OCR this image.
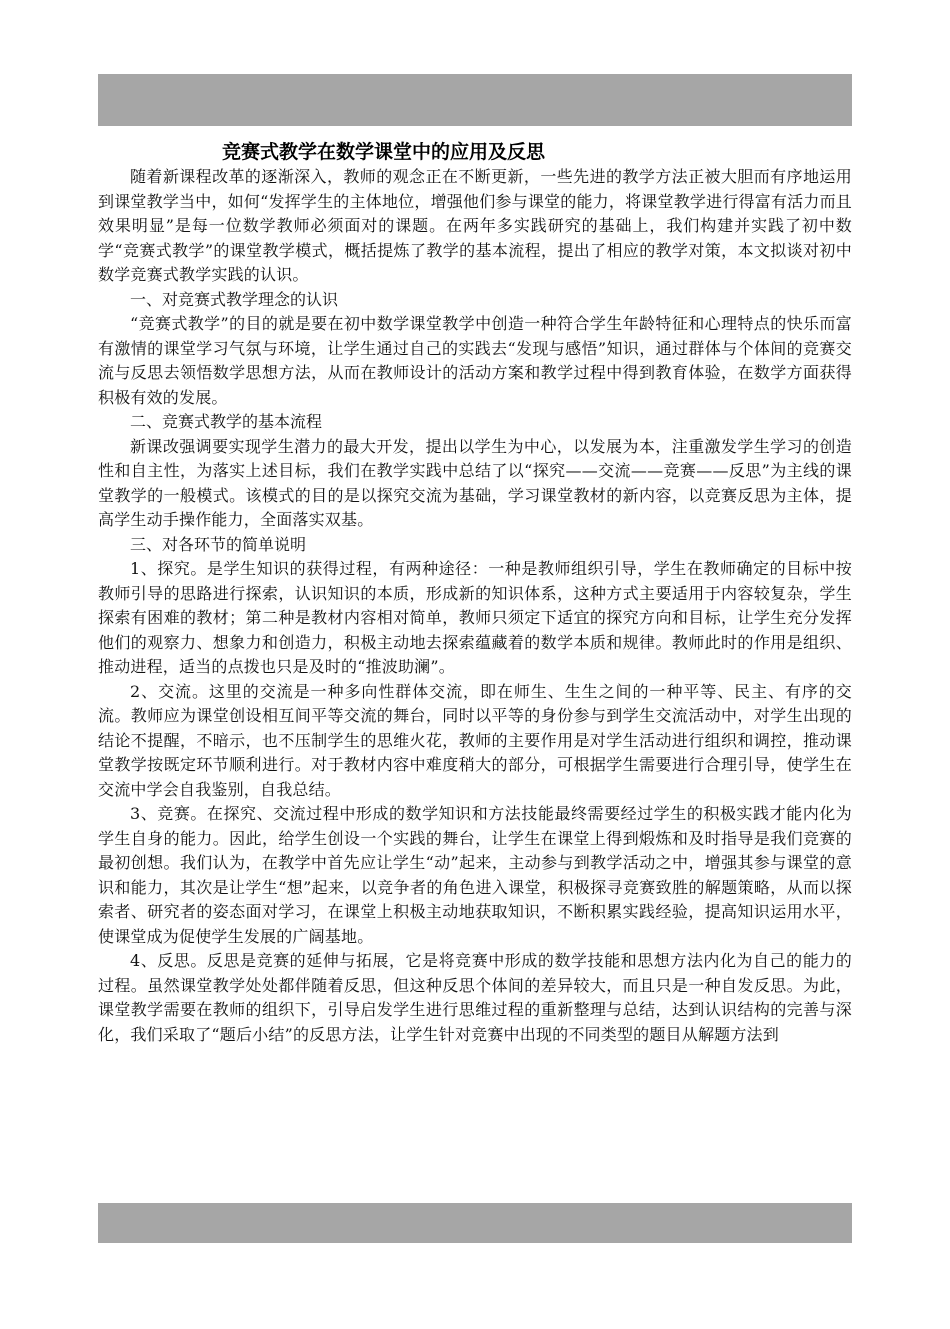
竞赛式教学在数学课堂中的应用及反思

随着新课程改革的逐渐深入，教师的观念正在不断更新，一些先进的教学方法正被大胆而有序地运用到课堂教学当中，如何“发挥学生的主体地位，增强他们参与课堂的能力，将课堂教学进行得富有活力而且效果明显”是每一位数学教师必须面对的课题。在两年多实践研究的基础上，我们构建并实践了初中数学“竞赛式教学”的课堂教学模式，概括提炼了教学的基本流程，提出了相应的教学对策，本文拟谈对初中数学竞赛式教学实践的认识。

一、对竞赛式教学理念的认识

“竞赛式教学”的目的就是要在初中数学课堂教学中创造一种符合学生年龄特征和心理特点的快乐而富有激情的课堂学习气氛与环境，让学生通过自己的实践去“发现与感悟”知识，通过群体与个体间的竞赛交流与反思去领悟数学思想方法，从而在教师设计的活动方案和教学过程中得到教育体验，在数学方面获得积极有效的发展。

二、竞赛式教学的基本流程

新课改强调要实现学生潜力的最大开发，提出以学生为中心，以发展为本，注重激发学生学习的创造性和自主性，为落实上述目标，我们在教学实践中总结了以“探究——交流——竞赛——反思”为主线的课堂教学的一般模式。该模式的目的是以探究交流为基础，学习课堂教材的新内容，以竞赛反思为主体，提高学生动手操作能力，全面落实双基。

三、对各环节的简单说明

1、探究。是学生知识的获得过程，有两种途径：一种是教师组织引导，学生在教师确定的目标中按教师引导的思路进行探索，认识知识的本质，形成新的知识体系，这种方式主要适用于内容较复杂，学生探索有困难的教材；第二种是教材内容相对简单，教师只须定下适宜的探究方向和目标，让学生充分发挥他们的观察力、想象力和创造力，积极主动地去探索蕴藏着的数学本质和规律。教师此时的作用是组织、推动进程，适当的点拨也只是及时的“推波助澜”。

2、交流。这里的交流是一种多向性群体交流，即在师生、生生之间的一种平等、民主、有序的交流。教师应为课堂创设相互间平等交流的舞台，同时以平等的身份参与到学生交流活动中，对学生出现的结论不提醒，不暗示，也不压制学生的思维火花，教师的主要作用是对学生活动进行组织和调控，推动课堂教学按既定环节顺利进行。对于教材内容中难度稍大的部分，可根据学生需要进行合理引导，使学生在交流中学会自我鉴别，自我总结。

3、竞赛。在探究、交流过程中形成的数学知识和方法技能最终需要经过学生的积极实践才能内化为学生自身的能力。因此，给学生创设一个实践的舞台，让学生在课堂上得到煅炼和及时指导是我们竞赛的最初创想。我们认为，在教学中首先应让学生“动”起来，主动参与到教学活动之中，增强其参与课堂的意识和能力，其次是让学生“想”起来，以竞争者的角色进入课堂，积极探寻竞赛致胜的解题策略，从而以探索者、研究者的姿态面对学习，在课堂上积极主动地获取知识，不断积累实践经验，提高知识运用水平，使课堂成为促使学生发展的广阔基地。

4、反思。反思是竞赛的延伸与拓展，它是将竞赛中形成的数学技能和思想方法内化为自己的能力的过程。虽然课堂教学处处都伴随着反思，但这种反思个体间的差异较大，而且只是一种自发反思。为此，课堂教学需要在教师的组织下，引导启发学生进行思维过程的重新整理与总结，达到认识结构的完善与深化，我们采取了“题后小结”的反思方法，让学生针对竞赛中出现的不同类型的题目从解题方法到
